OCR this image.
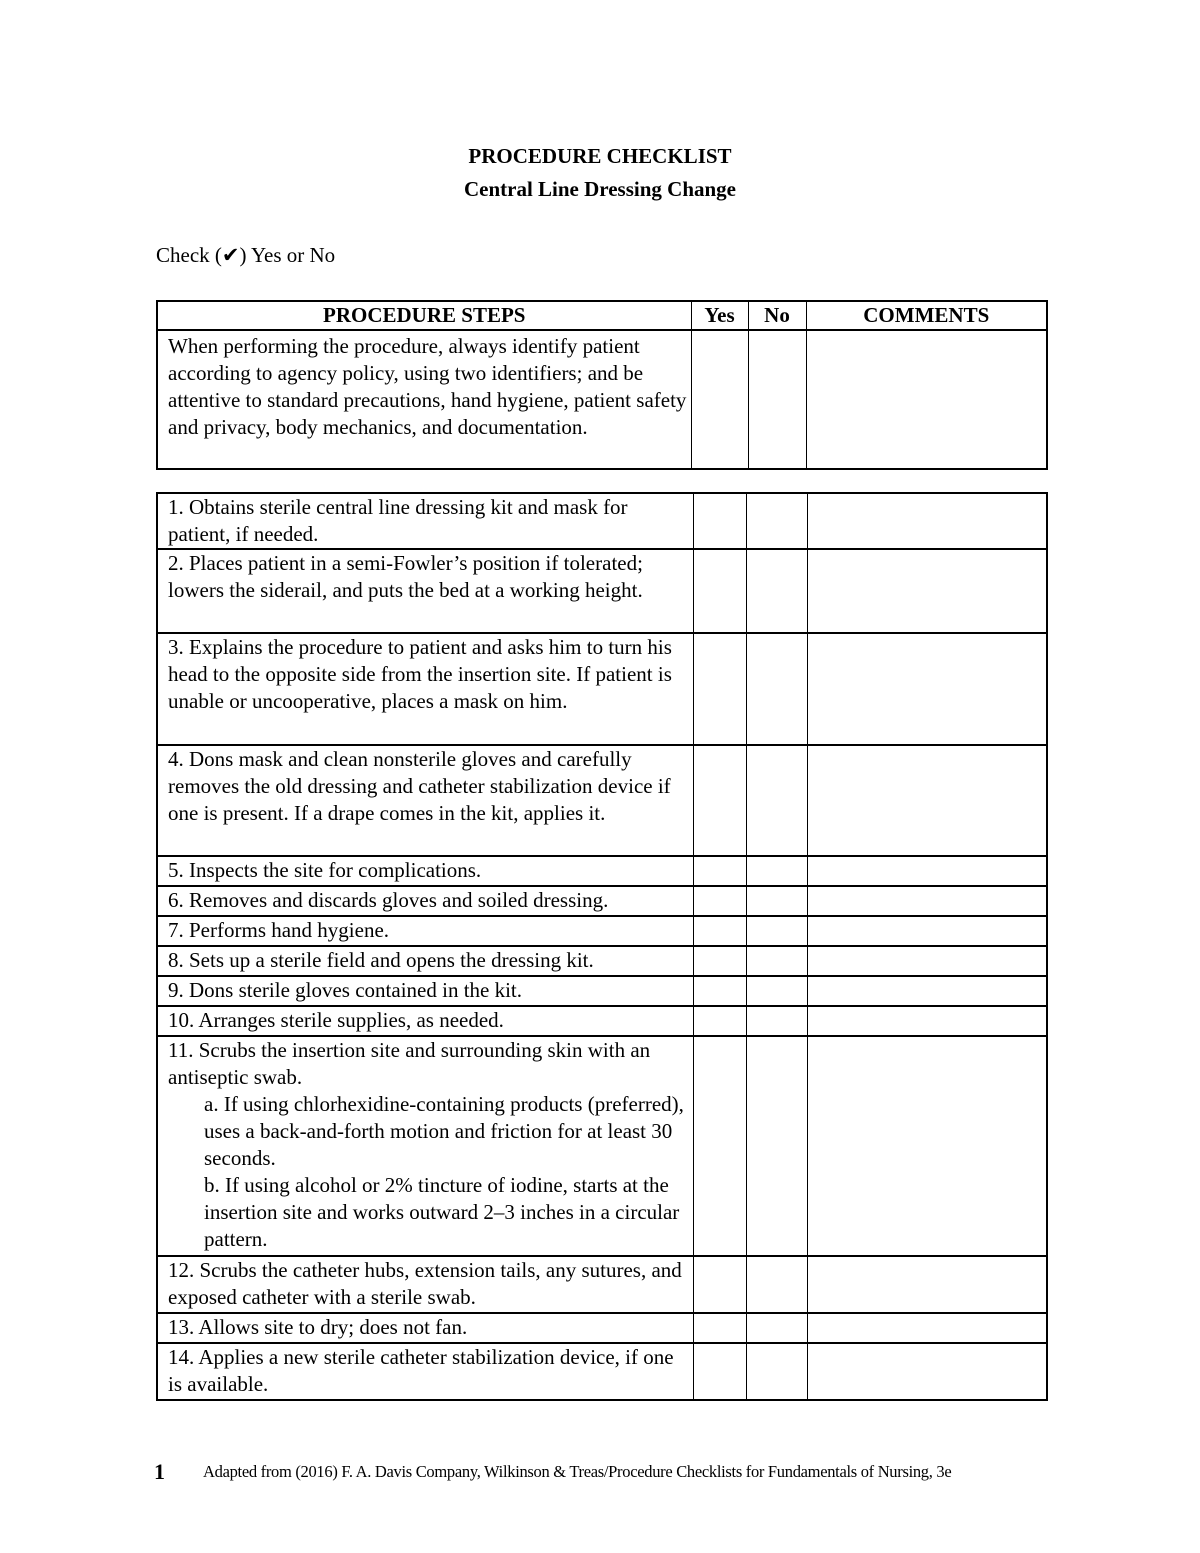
PROCEDURE CHECKLIST
Central Line Dressing Change
Check (✔) Yes or No
PROCEDURE STEPS	Yes	No	COMMENTS
When performing the procedure, always identify patient according to agency policy, using two identifiers; and be attentive to standard precautions, hand hygiene, patient safety and privacy, body mechanics, and documentation.			
1. Obtains sterile central line dressing kit and mask for patient, if needed.			

2. Places patient in a semi-Fowler’s position if tolerated; lowers the siderail, and puts the bed at a working height.			

3. Explains the procedure to patient and asks him to turn his head to the opposite side from the insertion site. If patient is unable or uncooperative, places a mask on him.			

4. Dons mask and clean nonsterile gloves and carefully removes the old dressing and catheter stabilization device if one is present. If a drape comes in the kit, applies it.			

5. Inspects the site for complications.			

6. Removes and discards gloves and soiled dressing.			

7. Performs hand hygiene.			

8. Sets up a sterile field and opens the dressing kit.			

9. Dons sterile gloves contained in the kit.			

10. Arranges sterile supplies, as needed.			

11. Scrubs the insertion site and surrounding skin with an antiseptic swab.
a. If using chlorhexidine-containing products (preferred), uses a back-and-forth motion and friction for at least 30 seconds.
b. If using alcohol or 2% tincture of iodine, starts at the insertion site and works outward 2–3 inches in a circular pattern.			

12. Scrubs the catheter hubs, extension tails, any sutures, and exposed catheter with a sterile swab.			

13. Allows site to dry; does not fan.			

14. Applies a new sterile catheter stabilization device, if one is available.			

1 Adapted from (2016) F. A. Davis Company, Wilkinson & Treas/Procedure Checklists for Fundamentals of Nursing, 3e
